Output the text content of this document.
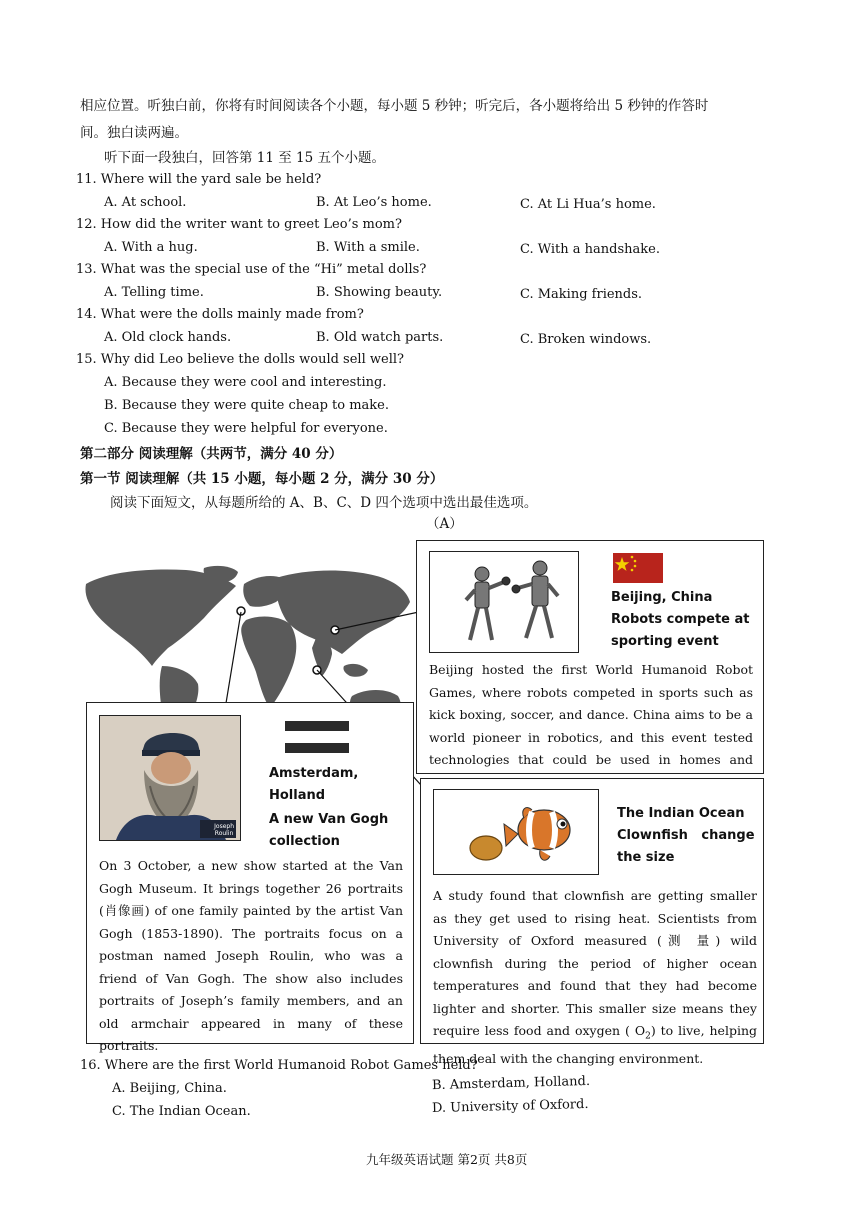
相应位置。听独白前，你将有时间阅读各个小题，每小题 5 秒钟；听完后，各小题将给出 5 秒钟的作答时
间。独白读两遍。
听下面一段独白，回答第 11 至 15 五个小题。
11. Where will the yard sale be held?
A. At school.	B. At Leo’s home.	C. At Li Hua’s home.
12. How did the writer want to greet Leo’s mom?
A. With a hug.	B. With a smile.	C. With a handshake.
13. What was the special use of the “Hi” metal dolls?
A. Telling time.	B. Showing beauty.	C. Making friends.
14. What were the dolls mainly made from?
A. Old clock hands.	B. Old watch parts.	C. Broken windows.
15. Why did Leo believe the dolls would sell well?
A. Because they were cool and interesting.
B. Because they were quite cheap to make.
C. Because they were helpful for everyone.
第二部分 阅读理解（共两节，满分 40 分）
第一节 阅读理解（共 15 小题，每小题 2 分，满分 30 分）
阅读下面短文，从每题所给的 A、B、C、D 四个选项中选出最佳选项。
（A）
Beijing, China
Robots compete at
sporting event
Beijing hosted the first World Humanoid Robot Games, where robots competed in sports such as kick boxing, soccer, and dance. China aims to be a world pioneer in robotics, and this event tested technologies that could be used in homes and
Joseph
Roulin
Amsterdam,
Holland
A new Van Gogh
collection
On 3 October, a new show started at the Van Gogh Museum. It brings together 26 portraits (肖像画) of one family painted by the artist Van Gogh (1853-1890). The portraits focus on a postman named Joseph Roulin, who was a friend of Van Gogh. The show also includes portraits of Joseph’s family members, and an old armchair appeared in many of these portraits.
The Indian Ocean
Clownfish   change
the size
A study found that clownfish are getting smaller as they get used to rising heat. Scientists from University of Oxford measured (测 量) wild clownfish during the period of higher ocean temperatures and found that they had become lighter and shorter. This smaller size means they require less food and oxygen ( $O_2$) to live, helping them deal with the changing environment.
16. Where are the first World Humanoid Robot Games held?
A. Beijing, China.	B. Amsterdam, Holland.
C. The Indian Ocean.	D. University of Oxford.
九年级英语试题 第2页 共8页
